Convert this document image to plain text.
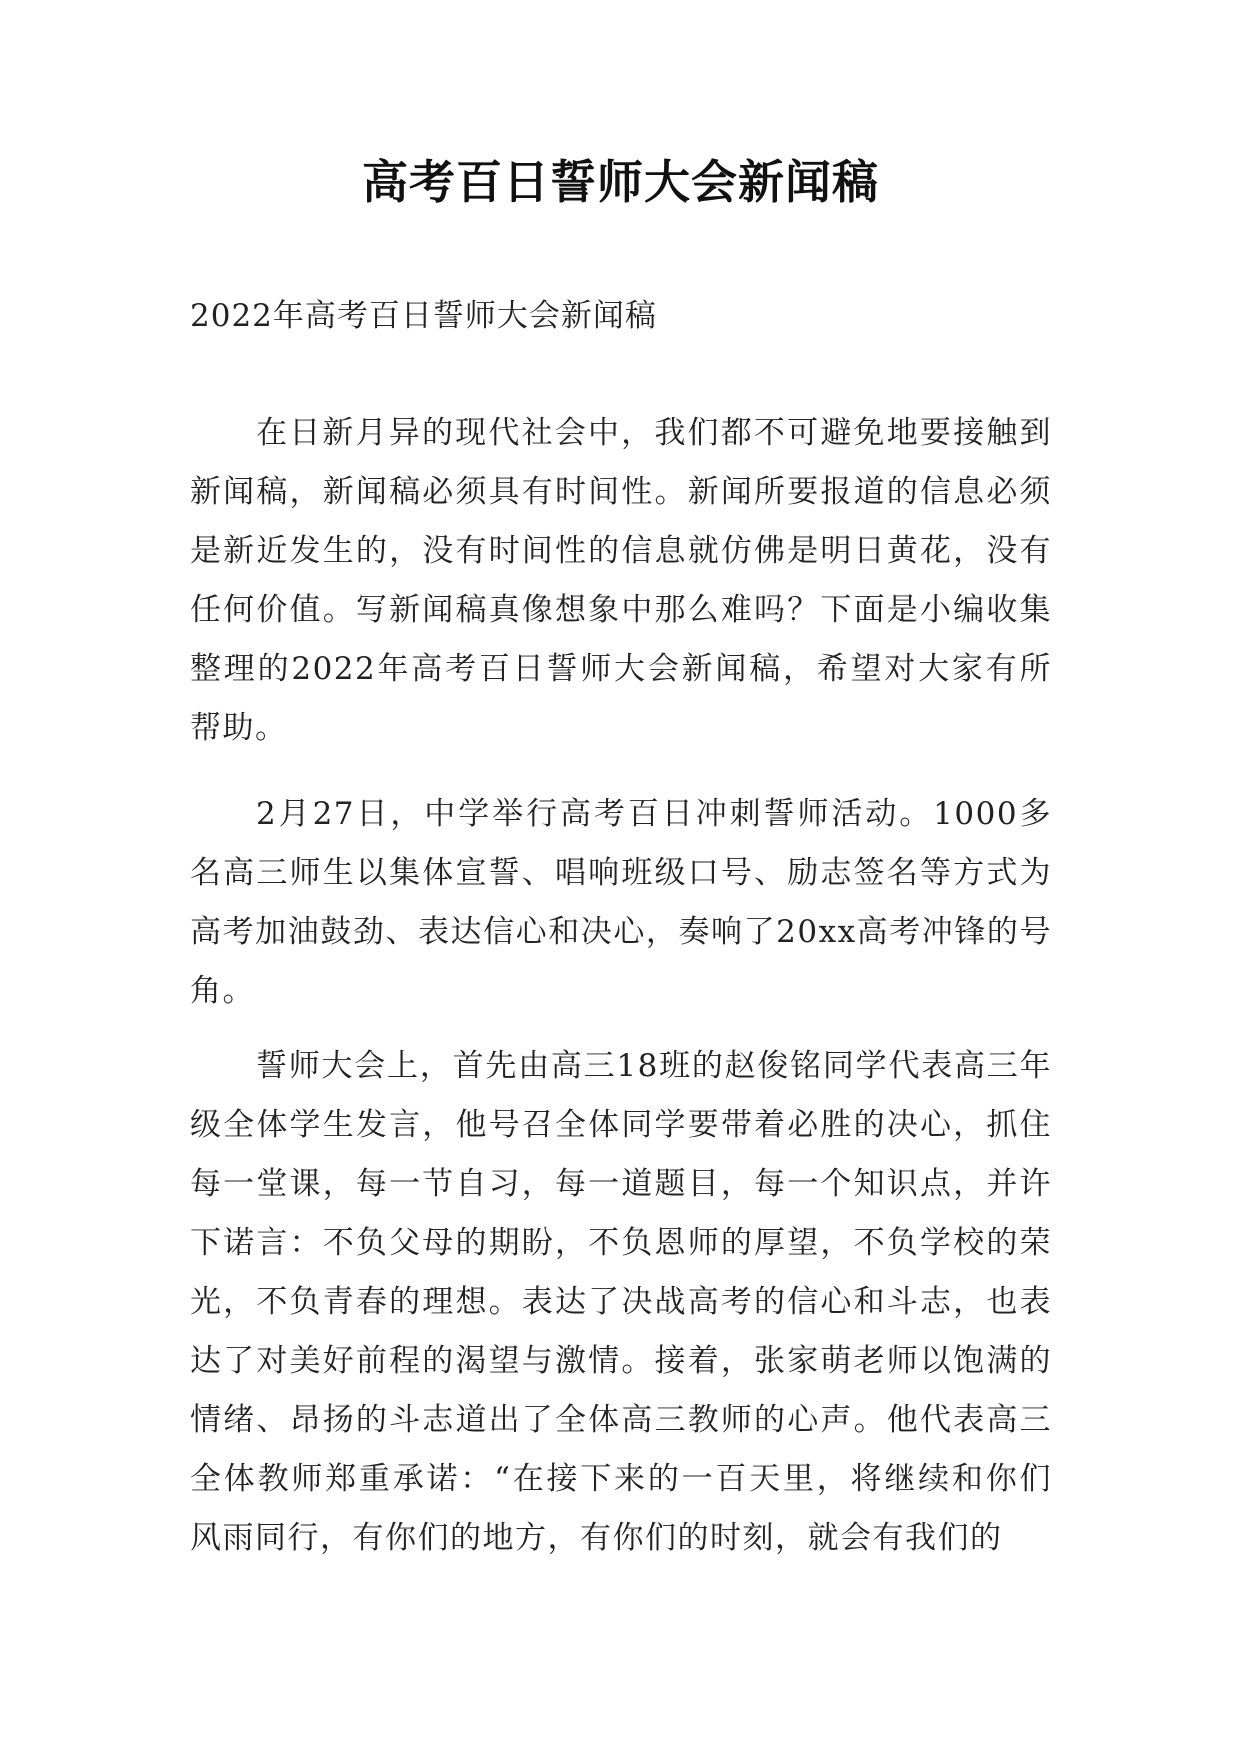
高考百日誓师大会新闻稿

2022年高考百日誓师大会新闻稿

在日新月异的现代社会中，我们都不可避免地要接触到新闻稿，新闻稿必须具有时间性。新闻所要报道的信息必须是新近发生的，没有时间性的信息就仿佛是明日黄花，没有任何价值。写新闻稿真像想象中那么难吗？下面是小编收集整理的2022年高考百日誓师大会新闻稿，希望对大家有所帮助。

2月27日，中学举行高考百日冲刺誓师活动。1000多名高三师生以集体宣誓、唱响班级口号、励志签名等方式为高考加油鼓劲、表达信心和决心，奏响了20xx高考冲锋的号角。

誓师大会上，首先由高三18班的赵俊铭同学代表高三年级全体学生发言，他号召全体同学要带着必胜的决心，抓住每一堂课，每一节自习，每一道题目，每一个知识点，并许下诺言：不负父母的期盼，不负恩师的厚望，不负学校的荣光，不负青春的理想。表达了决战高考的信心和斗志，也表达了对美好前程的渴望与激情。接着，张家萌老师以饱满的情绪、昂扬的斗志道出了全体高三教师的心声。他代表高三全体教师郑重承诺：“在接下来的一百天里，将继续和你们风雨同行，有你们的地方，有你们的时刻，就会有我们的
